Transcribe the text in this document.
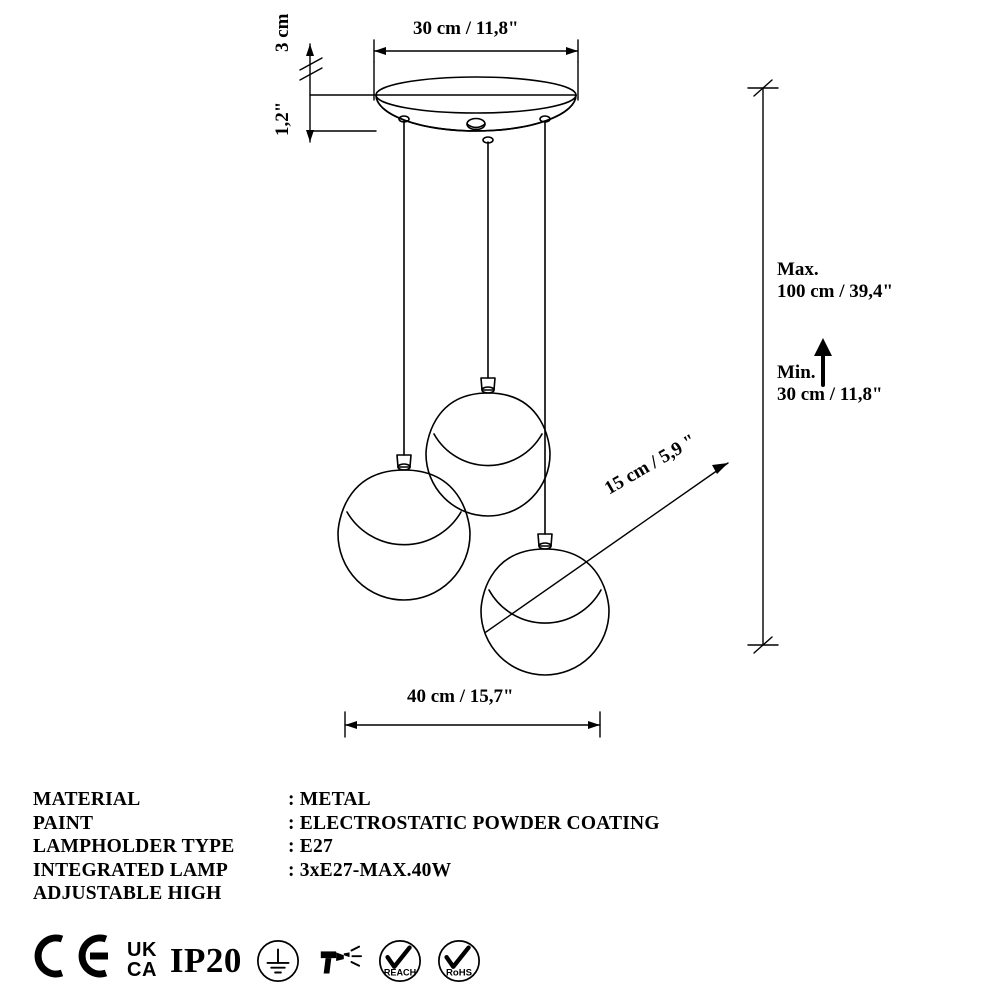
30 cm / 11,8"
3 cm
1,2"
40 cm / 15,7"
Max.
100 cm / 39,4"
Min.
30 cm / 11,8"
15 cm / 5,9 "
MATERIAL	: METAL
PAINT	: ELECTROSTATIC POWDER COATING
LAMPHOLDER TYPE	: E27
INTEGRATED LAMP	: 3xE27-MAX.40W
ADJUSTABLE HIGH	
UK
CA IP20	REACH	RoHS
